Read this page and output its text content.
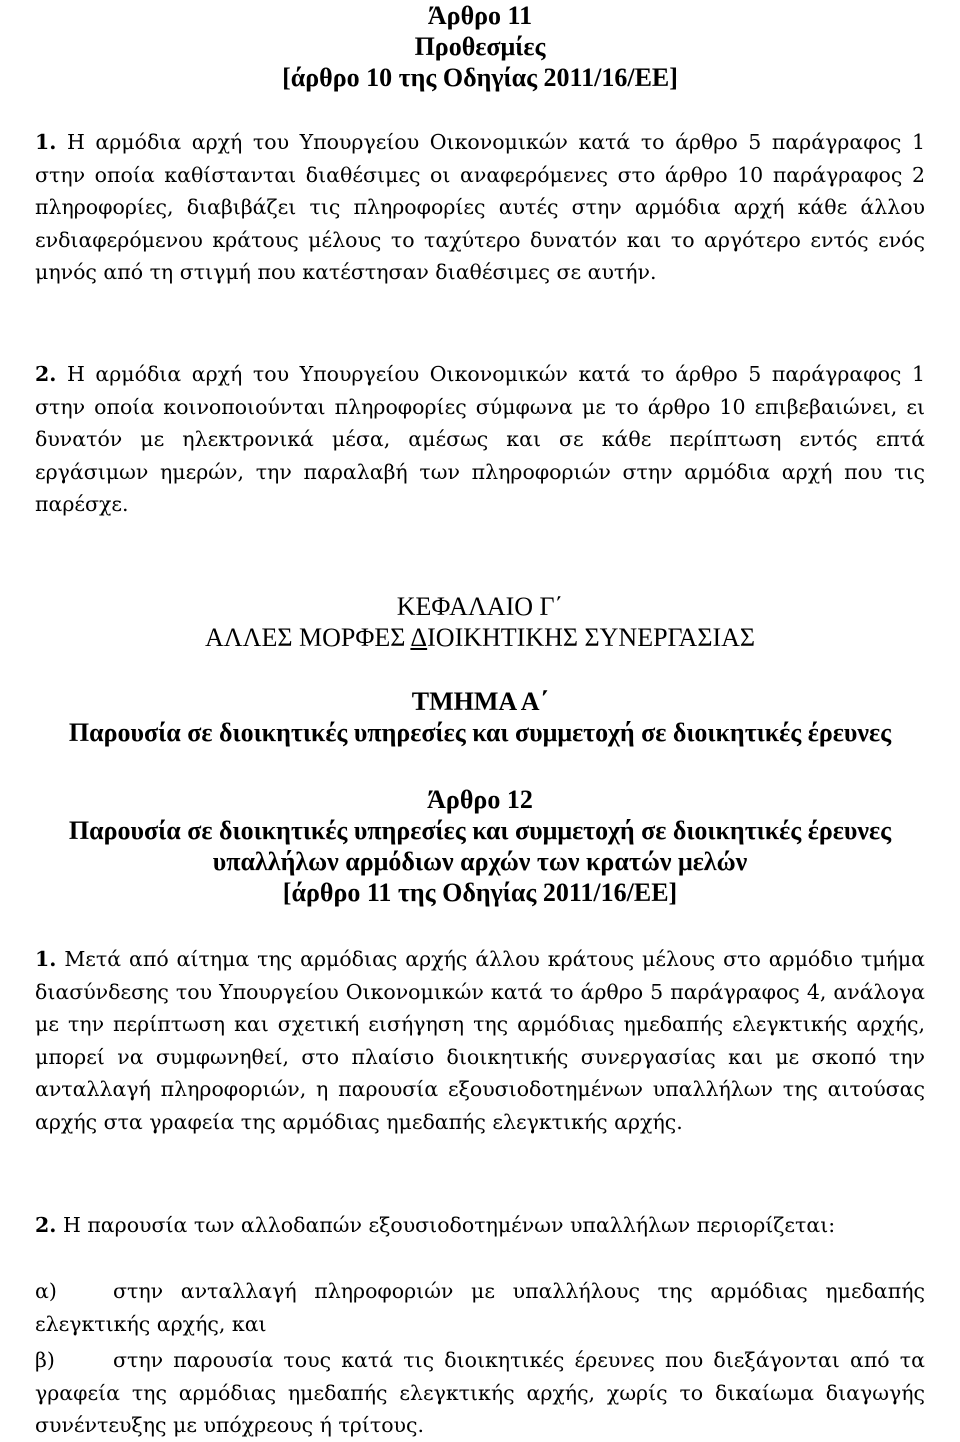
Άρθρο 11

Προθεσμίες

[άρθρο 10 της Οδηγίας 2011/16/ΕΕ]

1. Η αρμόδια αρχή του Υπουργείου Οικονομικών κατά το άρθρο 5 παράγραφος 1 στην οποία καθίστανται διαθέσιμες οι αναφερόμενες στο άρθρο 10 παράγραφος 2 πληροφορίες, διαβιβάζει τις πληροφορίες αυτές στην αρμόδια αρχή κάθε άλλου ενδιαφερόμενου κράτους μέλους το ταχύτερο δυνατόν και το αργότερο εντός ενός μηνός από τη στιγμή που κατέστησαν διαθέσιμες σε αυτήν.

2. Η αρμόδια αρχή του Υπουργείου Οικονομικών κατά το άρθρο 5 παράγραφος 1 στην οποία κοινοποιούνται πληροφορίες σύμφωνα με το άρθρο 10 επιβεβαιώνει, ει δυνατόν με ηλεκτρονικά μέσα, αμέσως και σε κάθε περίπτωση εντός επτά εργάσιμων ημερών, την παραλαβή των πληροφοριών στην αρμόδια αρχή που τις παρέσχε.

ΚΕΦΑΛΑΙΟ Γ΄

ΑΛΛΕΣ ΜΟΡΦΕΣ ΔΙΟΙΚΗΤΙΚΗΣ ΣΥΝΕΡΓΑΣΙΑΣ

ΤΜΗΜΑ Α΄

Παρουσία σε διοικητικές υπηρεσίες και συμμετοχή σε διοικητικές έρευνες

Άρθρο 12

Παρουσία σε διοικητικές υπηρεσίες και συμμετοχή σε διοικητικές έρευνες

υπαλλήλων αρμόδιων αρχών των κρατών μελών

[άρθρο 11 της Οδηγίας 2011/16/ΕΕ]

1. Μετά από αίτημα της αρμόδιας αρχής άλλου κράτους μέλους στο αρμόδιο τμήμα διασύνδεσης του Υπουργείου Οικονομικών κατά το άρθρο 5 παράγραφος 4, ανάλογα με την περίπτωση και σχετική εισήγηση της αρμόδιας ημεδαπής ελεγκτικής αρχής, μπορεί να συμφωνηθεί, στο πλαίσιο διοικητικής συνεργασίας και με σκοπό την ανταλλαγή πληροφοριών, η παρουσία εξουσιοδοτημένων υπαλλήλων της αιτούσας αρχής στα γραφεία της αρμόδιας ημεδαπής ελεγκτικής αρχής.

2. Η παρουσία των αλλοδαπών εξουσιοδοτημένων υπαλλήλων περιορίζεται:

α)	στην ανταλλαγή πληροφοριών με υπαλλήλους της αρμόδιας ημεδαπής ελεγκτικής αρχής, και

β)	στην παρουσία τους κατά τις διοικητικές έρευνες που διεξάγονται από τα γραφεία της αρμόδιας ημεδαπής ελεγκτικής αρχής, χωρίς το δικαίωμα διαγωγής συνέντευξης με υπόχρεους ή τρίτους.
